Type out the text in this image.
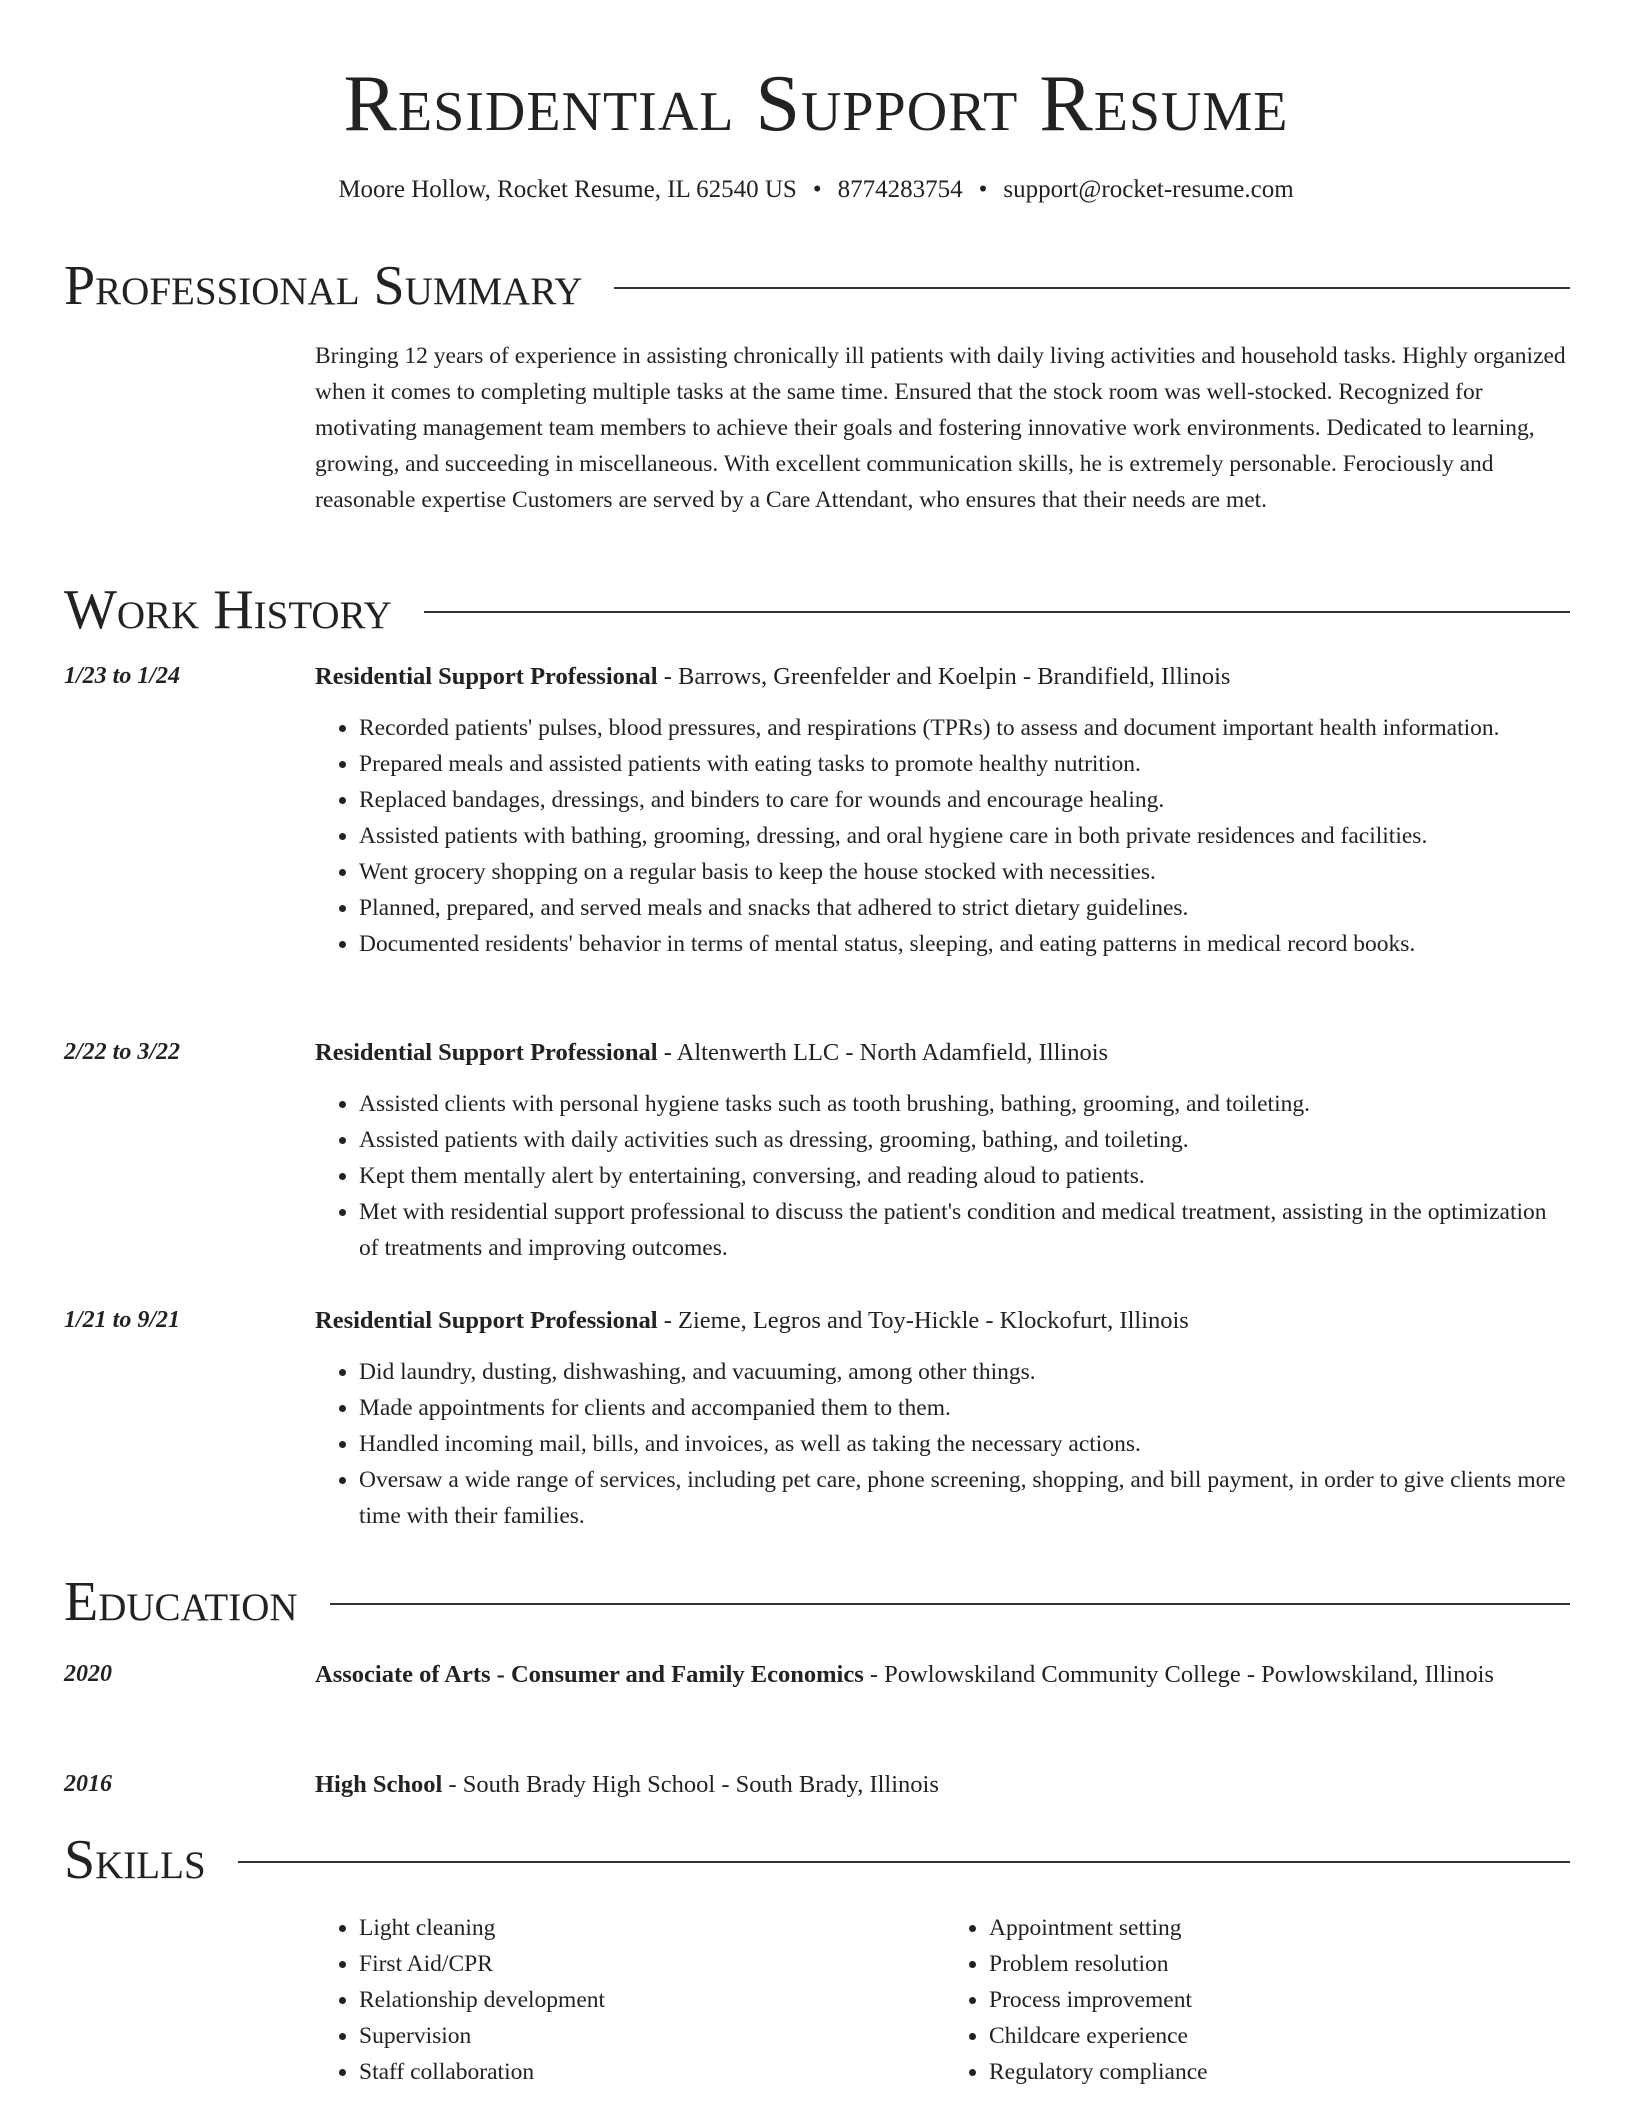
Residential Support Resume
Moore Hollow, Rocket Resume, IL 62540 US • 8774283754 • support@rocket-resume.com
Professional Summary
Bringing 12 years of experience in assisting chronically ill patients with daily living activities and household tasks. Highly organized when it comes to completing multiple tasks at the same time. Ensured that the stock room was well-stocked. Recognized for motivating management team members to achieve their goals and fostering innovative work environments. Dedicated to learning, growing, and succeeding in miscellaneous. With excellent communication skills, he is extremely personable. Ferociously and reasonable expertise Customers are served by a Care Attendant, who ensures that their needs are met.
Work History
1/23 to 1/24	Residential Support Professional - Barrows, Greenfelder and Koelpin - Brandifield, Illinois
• Recorded patients' pulses, blood pressures, and respirations (TPRs) to assess and document important health information.
• Prepared meals and assisted patients with eating tasks to promote healthy nutrition.
• Replaced bandages, dressings, and binders to care for wounds and encourage healing.
• Assisted patients with bathing, grooming, dressing, and oral hygiene care in both private residences and facilities.
• Went grocery shopping on a regular basis to keep the house stocked with necessities.
• Planned, prepared, and served meals and snacks that adhered to strict dietary guidelines.
• Documented residents' behavior in terms of mental status, sleeping, and eating patterns in medical record books.
2/22 to 3/22	Residential Support Professional - Altenwerth LLC - North Adamfield, Illinois
• Assisted clients with personal hygiene tasks such as tooth brushing, bathing, grooming, and toileting.
• Assisted patients with daily activities such as dressing, grooming, bathing, and toileting.
• Kept them mentally alert by entertaining, conversing, and reading aloud to patients.
• Met with residential support professional to discuss the patient's condition and medical treatment, assisting in the optimization of treatments and improving outcomes.
1/21 to 9/21	Residential Support Professional - Zieme, Legros and Toy-Hickle - Klockofurt, Illinois
• Did laundry, dusting, dishwashing, and vacuuming, among other things.
• Made appointments for clients and accompanied them to them.
• Handled incoming mail, bills, and invoices, as well as taking the necessary actions.
• Oversaw a wide range of services, including pet care, phone screening, shopping, and bill payment, in order to give clients more time with their families.
Education
2020	Associate of Arts - Consumer and Family Economics - Powlowskiland Community College - Powlowskiland, Illinois
2016	High School - South Brady High School - South Brady, Illinois
Skills
• Light cleaning
• First Aid/CPR
• Relationship development
• Supervision
• Staff collaboration
• Appointment setting
• Problem resolution
• Process improvement
• Childcare experience
• Regulatory compliance
